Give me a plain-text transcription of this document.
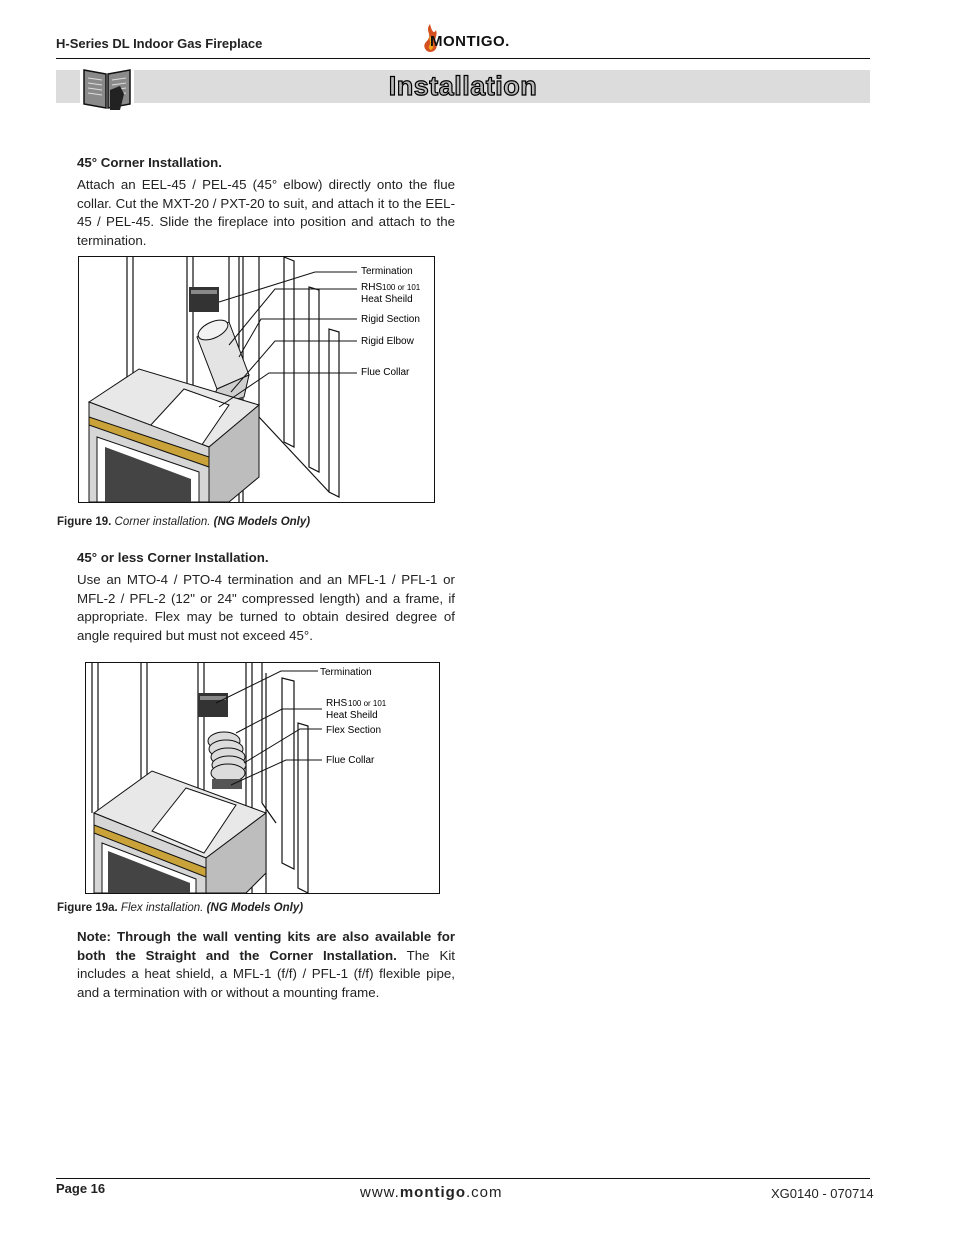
H-Series DL Indoor Gas Fireplace	MONTIGO.
Installation
45° Corner Installation.
Attach an EEL-45 / PEL-45 (45° elbow) directly onto the flue collar. Cut the MXT-20 / PXT-20 to suit, and attach it to the EEL-45 / PEL-45. Slide the fireplace into position and attach to the termination.
Termination
RHS 100 or 101
Heat Sheild
Rigid Section
Rigid Elbow
Flue Collar
Figure 19. Corner installation. (NG Models Only)
45° or less Corner Installation.
Use an MTO-4 / PTO-4 termination and an MFL-1 / PFL-1 or MFL-2 / PFL-2 (12" or 24" compressed length) and a frame, if appropriate. Flex may be turned to obtain desired degree of angle required but must not exceed 45°.
Termination
RHS 100 or 101
Heat Sheild
Flex Section
Flue Collar
Figure 19a. Flex installation. (NG Models Only)
Note: Through the wall venting kits are also available for both the Straight and the Corner Installation. The Kit includes a heat shield, a MFL-1 (f/f) / PFL-1 (f/f) flexible pipe, and a termination with or without a mounting frame.
Page 16	www.montigo.com	XG0140 - 070714
